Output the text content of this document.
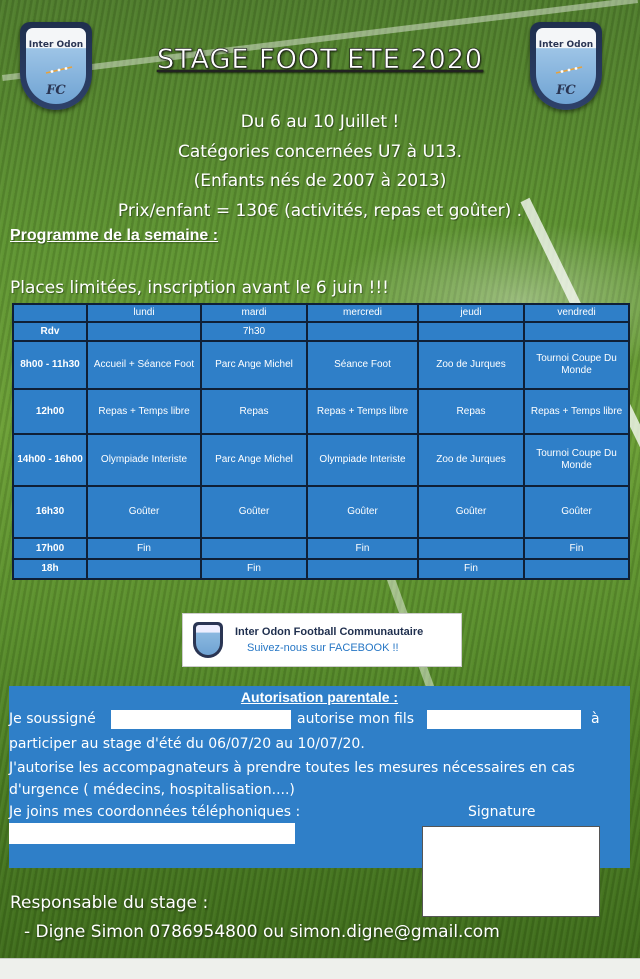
Inter Odon
FC
Inter Odon
FC
STAGE FOOT ETE 2020
Du 6 au 10 Juillet !
Catégories concernées U7 à U13.
(Enfants nés de 2007 à 2013)
Prix/enfant = 130€ (activités, repas et goûter) .
Programme de la semaine :
Places limitées, inscription avant le 6 juin !!!
	lundi	mardi	mercredi	jeudi	vendredi
Rdv		7h30			
8h00 - 11h30	Accueil + Séance Foot	Parc Ange Michel	Séance Foot	Zoo de Jurques	Tournoi Coupe Du Monde
12h00	Repas + Temps libre	Repas	Repas + Temps libre	Repas	Repas + Temps libre
14h00 - 16h00	Olympiade Interiste	Parc Ange Michel	Olympiade Interiste	Zoo de Jurques	Tournoi Coupe Du Monde
16h30	Goûter	Goûter	Goûter	Goûter	Goûter
17h00	Fin		Fin		Fin
18h		Fin		Fin	
Inter Odon Football Communautaire
Suivez-nous sur FACEBOOK !!
Autorisation parentale :
Je soussigné	autorise mon fils	à
participer au stage d'été du 06/07/20 au 10/07/20.
J'autorise les accompagnateurs à prendre toutes les mesures nécessaires en cas
d'urgence ( médecins, hospitalisation....)
Je joins mes coordonnées téléphoniques :	Signature
Responsable du stage :
- Digne Simon 0786954800 ou simon.digne@gmail.com
